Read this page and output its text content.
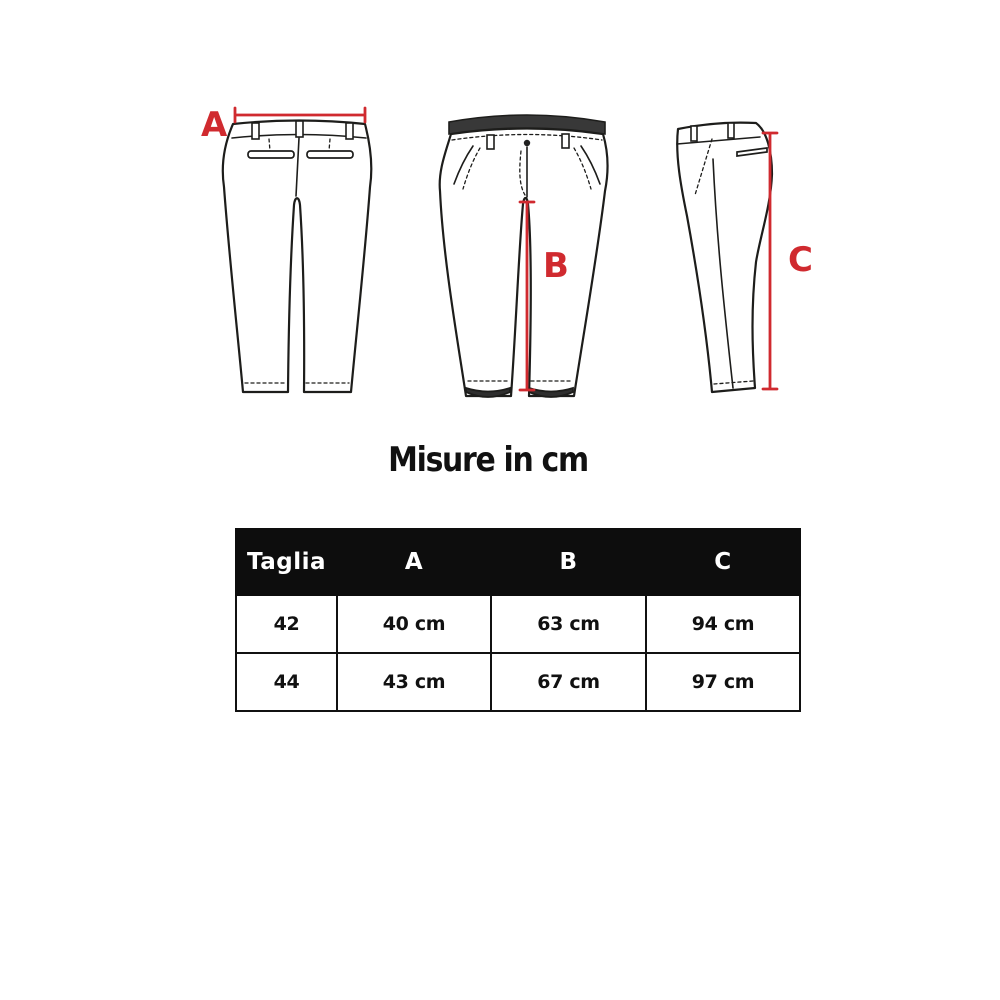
A
B	C
Misure in cm
Taglia	A	B	C
42	40 cm	63 cm	94 cm
44	43 cm	67 cm	97 cm
